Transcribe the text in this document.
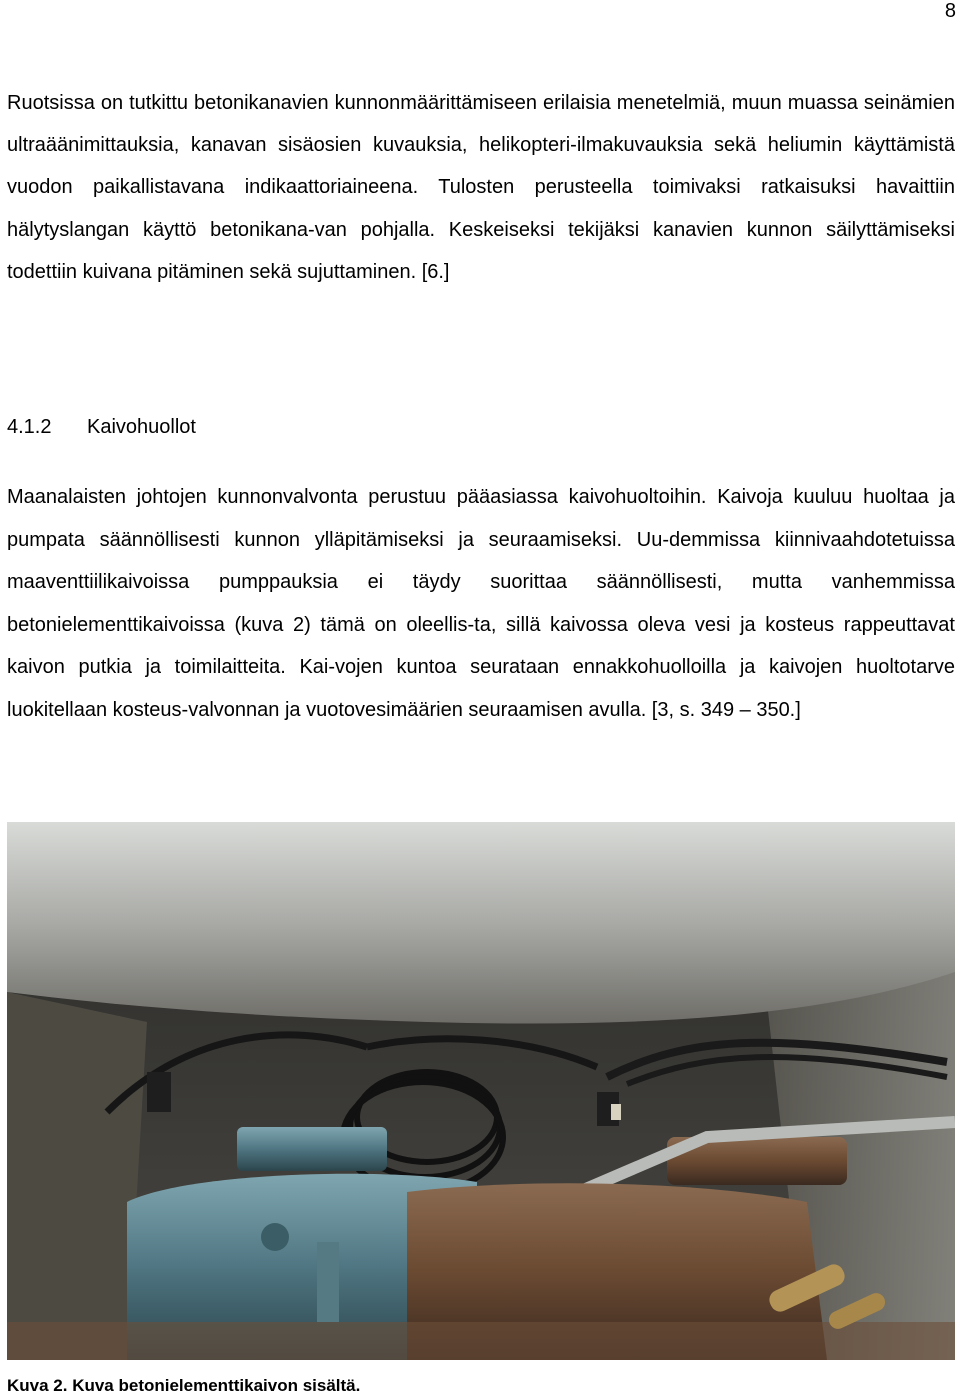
8

Ruotsissa on tutkittu betonikanavien kunnonmäärittämiseen erilaisia menetelmiä, muun muassa seinämien ultraäänimittauksia, kanavan sisäosien kuvauksia, helikopteri-ilmakuvauksia sekä heliumin käyttämistä vuodon paikallistavana indikaattoriaineena. Tulosten perusteella toimivaksi ratkaisuksi havaittiin hälytyslangan käyttö betonikana-van pohjalla. Keskeiseksi tekijäksi kanavien kunnon säilyttämiseksi todettiin kuivana pitäminen sekä sujuttaminen. [6.]

4.1.2 Kaivohuollot

Maanalaisten johtojen kunnonvalvonta perustuu pääasiassa kaivohuoltoihin. Kaivoja kuuluu huoltaa ja pumpata säännöllisesti kunnon ylläpitämiseksi ja seuraamiseksi. Uu-demmissa kiinnivaahdotetuissa maaventtiilikaivoissa pumppauksia ei täydy suorittaa säännöllisesti, mutta vanhemmissa betonielementtikaivoissa (kuva 2) tämä on oleellis-ta, sillä kaivossa oleva vesi ja kosteus rappeuttavat kaivon putkia ja toimilaitteita. Kai-vojen kuntoa seurataan ennakkohuolloilla ja kaivojen huoltotarve luokitellaan kosteus-valvonnan ja vuotovesimäärien seuraamisen avulla. [3, s. 349 – 350.]

Kuva 2. Kuva betonielementtikaivon sisältä.
